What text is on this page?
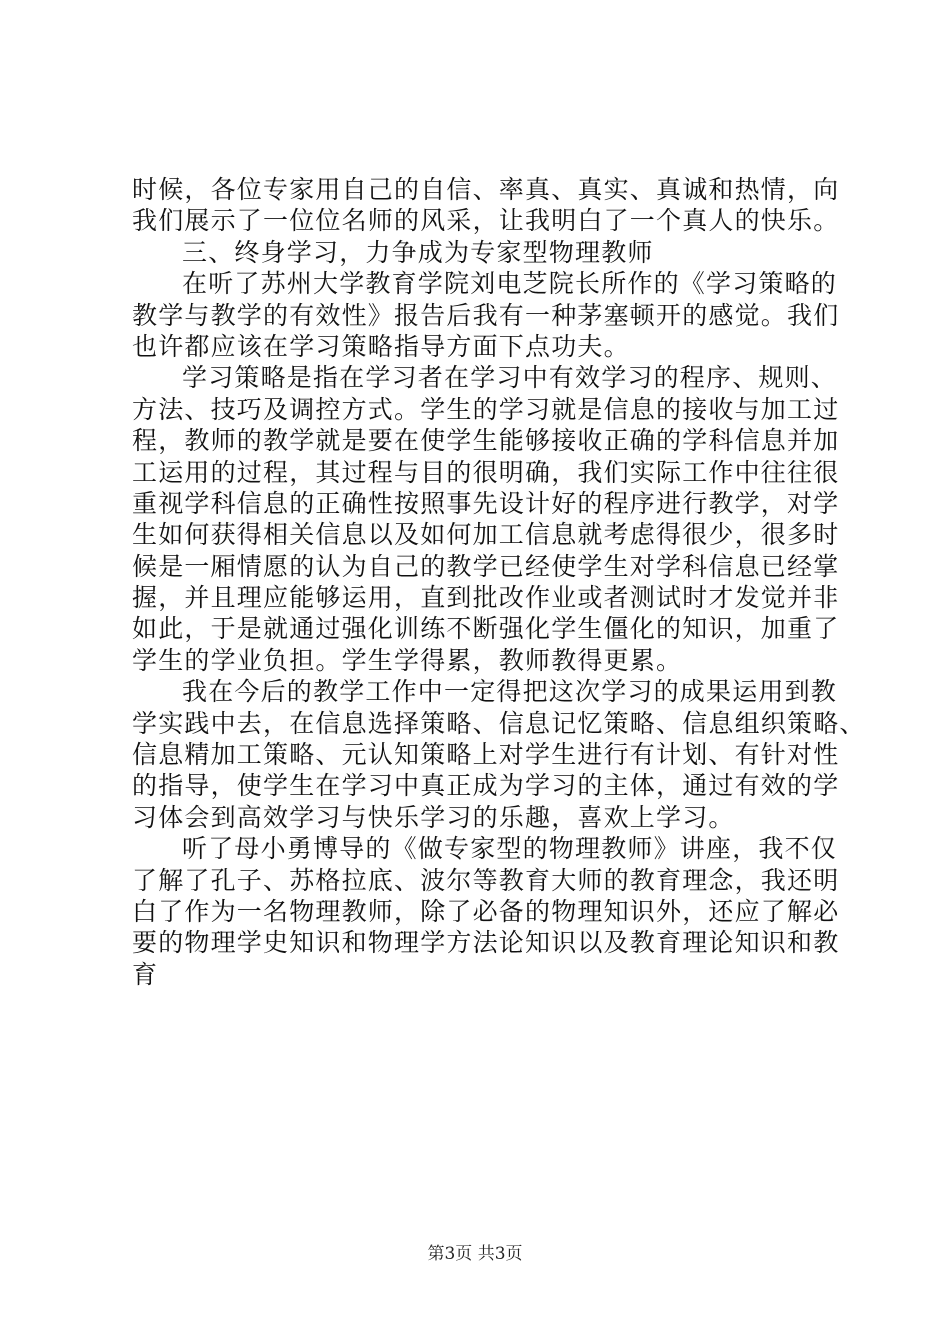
时候，各位专家用自己的自信、率真、真实、真诚和热情，向
我们展示了一位位名师的风采，让我明白了一个真人的快乐。
三、终身学习，力争成为专家型物理教师
在听了苏州大学教育学院刘电芝院长所作的《学习策略的
教学与教学的有效性》报告后我有一种茅塞顿开的感觉。我们
也许都应该在学习策略指导方面下点功夫。
学习策略是指在学习者在学习中有效学习的程序、规则、
方法、技巧及调控方式。学生的学习就是信息的接收与加工过
程，教师的教学就是要在使学生能够接收正确的学科信息并加
工运用的过程，其过程与目的很明确，我们实际工作中往往很
重视学科信息的正确性按照事先设计好的程序进行教学，对学
生如何获得相关信息以及如何加工信息就考虑得很少，很多时
候是一厢情愿的认为自己的教学已经使学生对学科信息已经掌
握，并且理应能够运用，直到批改作业或者测试时才发觉并非
如此，于是就通过强化训练不断强化学生僵化的知识，加重了
学生的学业负担。学生学得累，教师教得更累。
我在今后的教学工作中一定得把这次学习的成果运用到教
学实践中去，在信息选择策略、信息记忆策略、信息组织策略、
信息精加工策略、元认知策略上对学生进行有计划、有针对性
的指导，使学生在学习中真正成为学习的主体，通过有效的学
习体会到高效学习与快乐学习的乐趣，喜欢上学习。
听了母小勇博导的《做专家型的物理教师》讲座，我不仅
了解了孔子、苏格拉底、波尔等教育大师的教育理念，我还明
白了作为一名物理教师，除了必备的物理知识外，还应了解必
要的物理学史知识和物理学方法论知识以及教育理论知识和教
育
第3页 共3页
